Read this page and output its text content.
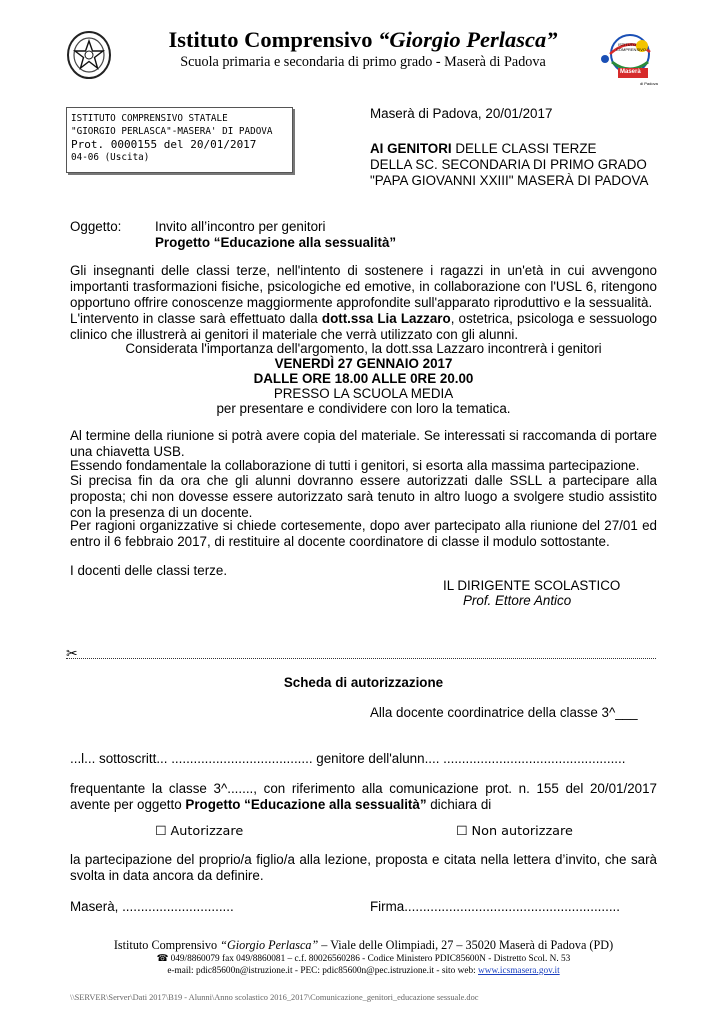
Istituto Comprensivo “Giorgio Perlasca”
Scuola primaria e secondaria di primo grado - Maserà di Padova
ISTITUTO
COMPRENSIVO
Maserà
di Padova
ISTITUTO COMPRENSIVO STATALE
"GIORGIO PERLASCA"-MASERA' DI PADOVA
Prot. 0000155 del 20/01/2017
04-06 (Uscita)
Maserà di Padova, 20/01/2017
AI GENITORI DELLE CLASSI TERZE
DELLA SC. SECONDARIA DI PRIMO GRADO
"PAPA GIOVANNI XXIII" MASERÀ DI PADOVA
Oggetto:	Invito all’incontro per genitori
Progetto “Educazione alla sessualità”
Gli insegnanti delle classi terze, nell'intento di sostenere i ragazzi in un'età in cui avvengono importanti trasformazioni fisiche, psicologiche ed emotive, in collaborazione con l'USL 6, ritengono opportuno offrire conoscenze maggiormente approfondite sull'apparato riproduttivo e la sessualità.
L'intervento in classe sarà effettuato dalla dott.ssa Lia Lazzaro, ostetrica, psicologa e sessuologo clinico che illustrerà ai genitori il materiale che verrà utilizzato con gli alunni.
Considerata l'importanza dell'argomento, la dott.ssa Lazzaro incontrerà i genitori
VENERDÌ 27 GENNAIO 2017
DALLE ORE 18.00 ALLE 0RE 20.00
PRESSO LA SCUOLA MEDIA
per presentare e condividere con loro la tematica.
Al termine della riunione si potrà avere copia del materiale. Se interessati si raccomanda di portare una chiavetta USB.
Essendo fondamentale la collaborazione di tutti i genitori, si esorta alla massima partecipazione.
Si precisa fin da ora che gli alunni dovranno essere autorizzati dalle SSLL a partecipare alla proposta; chi non dovesse essere autorizzato sarà tenuto in altro luogo a svolgere studio assistito con la presenza di un docente.
Per ragioni organizzative si chiede cortesemente, dopo aver partecipato alla riunione del 27/01 ed entro il 6 febbraio 2017, di restituire al docente coordinatore di classe il modulo sottostante.
I docenti delle classi terze.
IL DIRIGENTE SCOLASTICO
Prof. Ettore Antico
✂
Scheda di autorizzazione
Alla docente coordinatrice della classe 3^___
...l... sottoscritt... ...................................... genitore dell'alunn.... .................................................
frequentante la classe 3^......., con riferimento alla comunicazione prot. n. 155 del 20/01/2017
avente per oggetto Progetto “Educazione alla sessualità” dichiara di
☐ Autorizzare	☐ Non autorizzare
la partecipazione del proprio/a figlio/a alla lezione, proposta e citata nella lettera d’invito, che sarà svolta in data ancora da definire.
Maserà, ..............................	Firma..........................................................
Istituto Comprensivo “Giorgio Perlasca” – Viale delle Olimpiadi, 27 – 35020 Maserà di Padova (PD)
☎ 049/8860079 fax 049/8860081 – c.f. 80026560286 - Codice Ministero PDIC85600N - Distretto Scol. N. 53
e-mail: pdic85600n@istruzione.it - PEC: pdic85600n@pec.istruzione.it - sito web: www.icsmasera.gov.it
\\SERVER\Server\Dati 2017\B19 - Alunni\Anno scolastico 2016_2017\Comunicazione_genitori_educazione sessuale.doc
